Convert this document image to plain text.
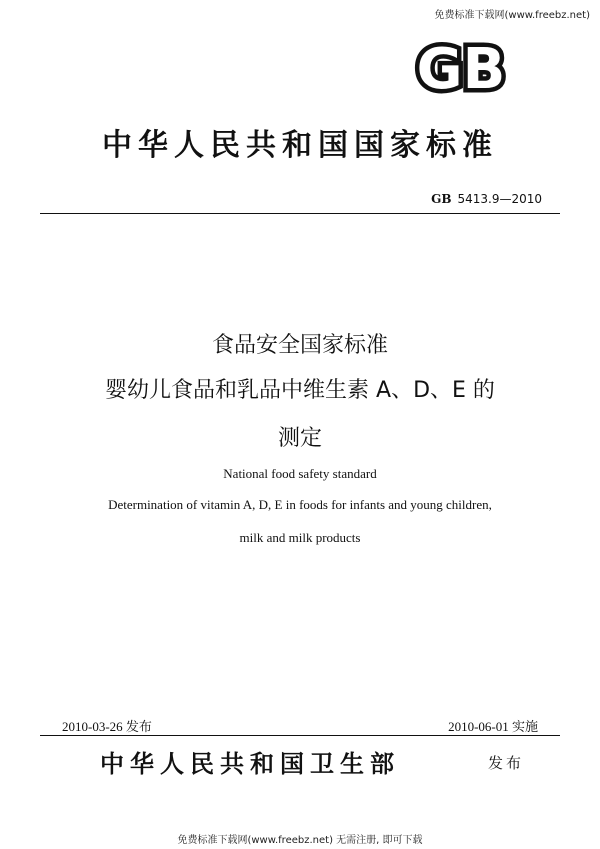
免费标准下载网(www.freebz.net)
GB
中华人民共和国国家标准
GB 5413.9—2010
食品安全国家标准
婴幼儿食品和乳品中维生素 A、D、E 的
测定
National food safety standard
Determination of vitamin A, D, E in foods for infants and young children,
milk and milk products
2010-03-26 发布	2010-06-01 实施
中华人民共和国卫生部	发布
免费标准下载网(www.freebz.net) 无需注册, 即可下载
